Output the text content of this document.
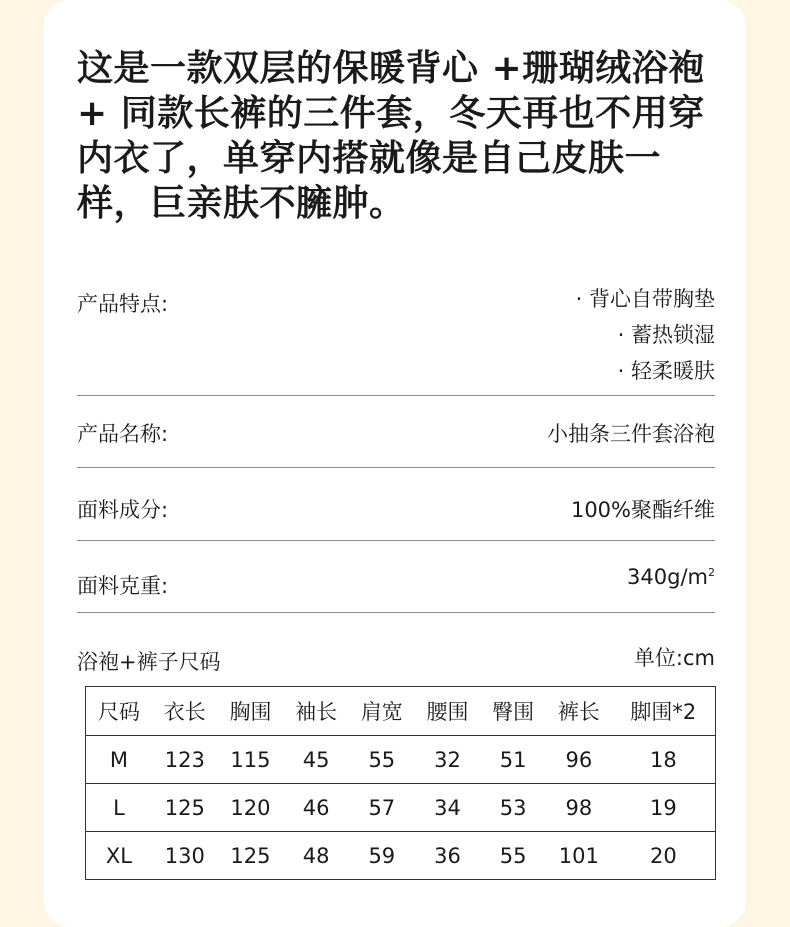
这是一款双层的保暖背心 +珊瑚绒浴袍 + 同款长裤的三件套，冬天再也不用穿内衣了，单穿内搭就像是自己皮肤一样，巨亲肤不臃肿。

产品特点:	· 背心自带胸垫
· 蓄热锁湿
· 轻柔暖肤
产品名称:	小抽条三件套浴袍
面料成分:	100%聚酯纤维
面料克重:	$340g/m^2$
浴袍+裤子尺码	单位:cm
尺码	衣长	胸围	袖长	肩宽	腰围	臀围	裤长	脚围*2
M	123	115	45	55	32	51	96	18
L	125	120	46	57	34	53	98	19
XL	130	125	48	59	36	55	101	20
